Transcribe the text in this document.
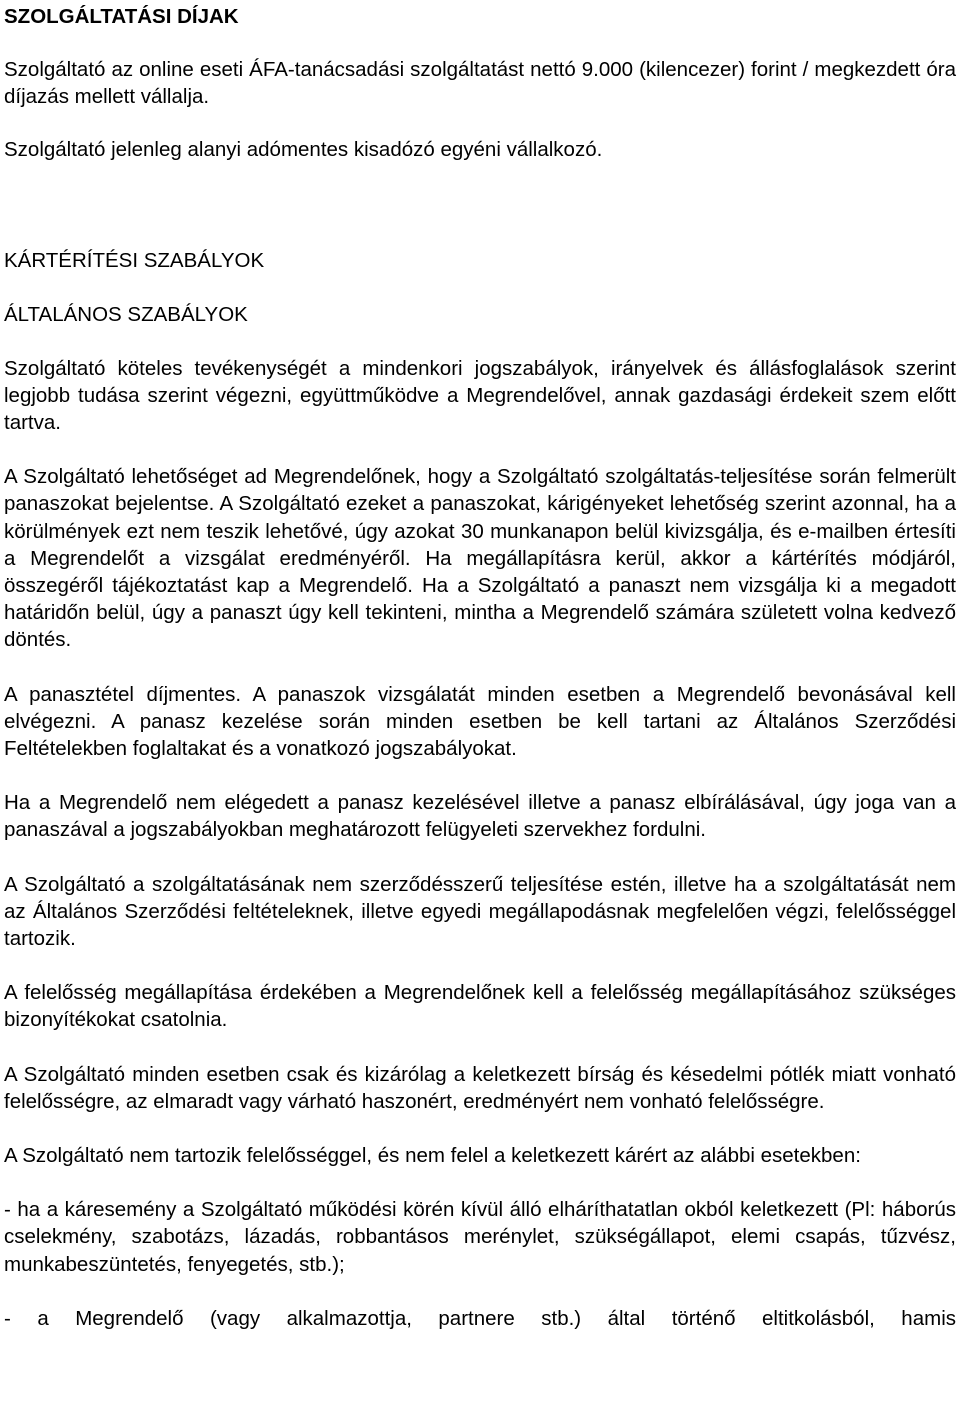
SZOLGÁLTATÁSI DÍJAK

Szolgáltató az online eseti ÁFA-tanácsadási szolgáltatást nettó 9.000 (kilencezer) forint / megkezdett óra díjazás mellett vállalja.

Szolgáltató jelenleg alanyi adómentes kisadózó egyéni vállalkozó.

KÁRTÉRÍTÉSI SZABÁLYOK
ÁLTALÁNOS SZABÁLYOK

Szolgáltató köteles tevékenységét a mindenkori jogszabályok, irányelvek és állásfoglalások szerint legjobb tudása szerint végezni, együttműködve a Megrendelővel, annak gazdasági érdekeit szem előtt tartva.

A Szolgáltató lehetőséget ad Megrendelőnek, hogy a Szolgáltató szolgáltatás-teljesítése során felmerült panaszokat bejelentse. A Szolgáltató ezeket a panaszokat, kárigényeket lehetőség szerint azonnal, ha a körülmények ezt nem teszik lehetővé, úgy azokat 30 munkanapon belül kivizsgálja, és e-mailben értesíti a Megrendelőt a vizsgálat eredményéről. Ha megállapításra kerül, akkor a kártérítés módjáról, összegéről tájékoztatást kap a Megrendelő. Ha a Szolgáltató a panaszt nem vizsgálja ki a megadott határidőn belül, úgy a panaszt úgy kell tekinteni, mintha a Megrendelő számára született volna kedvező döntés.

A panasztétel díjmentes. A panaszok vizsgálatát minden esetben a Megrendelő bevonásával kell elvégezni. A panasz kezelése során minden esetben be kell tartani az Általános Szerződési Feltételekben foglaltakat és a vonatkozó jogszabályokat.

Ha a Megrendelő nem elégedett a panasz kezelésével illetve a panasz elbírálásával, úgy joga van a panaszával a jogszabályokban meghatározott felügyeleti szervekhez fordulni.

A Szolgáltató a szolgáltatásának nem szerződésszerű teljesítése estén, illetve ha a szolgáltatását nem az Általános Szerződési feltételeknek, illetve egyedi megállapodásnak megfelelően végzi, felelősséggel tartozik.

A felelősség megállapítása érdekében a Megrendelőnek kell a felelősség megállapításához szükséges bizonyítékokat csatolnia.

A Szolgáltató minden esetben csak és kizárólag a keletkezett bírság és késedelmi pótlék miatt vonható felelősségre, az elmaradt vagy várható haszonért, eredményért nem vonható felelősségre.

A Szolgáltató nem tartozik felelősséggel, és nem felel a keletkezett kárért az alábbi esetekben:

- ha a káresemény a Szolgáltató működési körén kívül álló elháríthatatlan okból keletkezett (Pl: háborús cselekmény, szabotázs, lázadás, robbantásos merénylet, szükségállapot, elemi csapás, tűzvész, munkabeszüntetés, fenyegetés, stb.);

- a Megrendelő (vagy alkalmazottja, partnere stb.) által történő eltitkolásból, hamis
